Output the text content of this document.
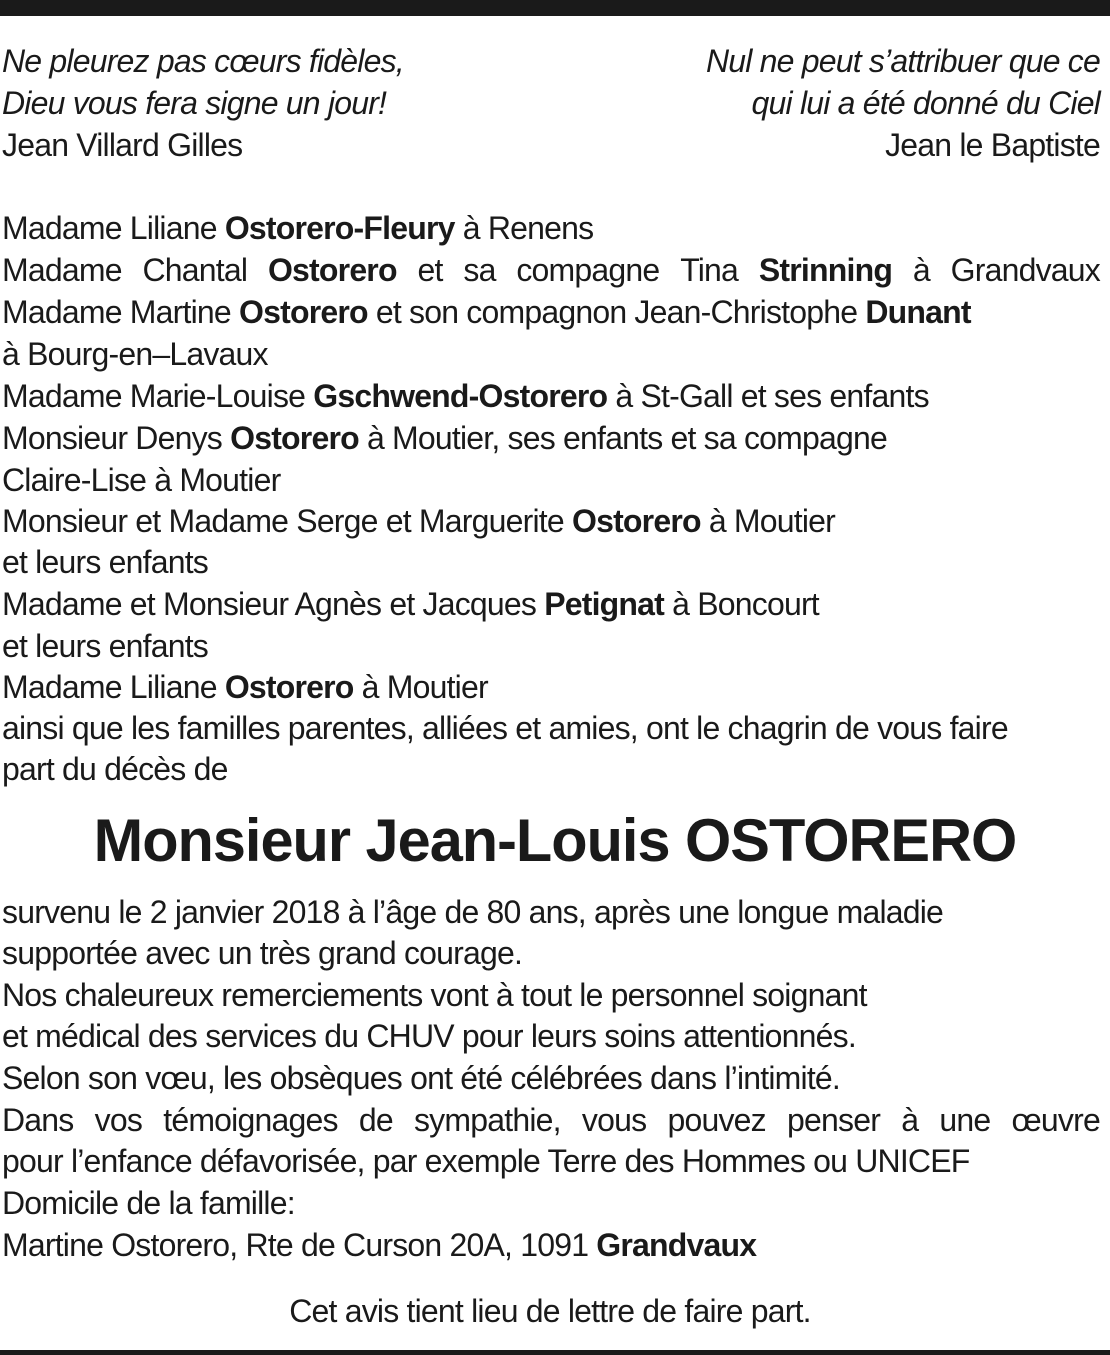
Ne pleurez pas cœurs fidèles,
Dieu vous fera signe un jour!
Jean Villard Gilles
Nul ne peut s’attribuer que ce
qui lui a été donné du Ciel
Jean le Baptiste
Madame Liliane Ostorero-Fleury à Renens
Madame Chantal Ostorero et sa compagne Tina Strinning à Grandvaux
Madame Martine Ostorero et son compagnon Jean-Christophe Dunant
à Bourg-en–Lavaux
Madame Marie-Louise Gschwend-Ostorero à St-Gall et ses enfants
Monsieur Denys Ostorero à Moutier, ses enfants et sa compagne
Claire-Lise à Moutier
Monsieur et Madame Serge et Marguerite Ostorero à Moutier
et leurs enfants
Madame et Monsieur Agnès et Jacques Petignat à Boncourt
et leurs enfants
Madame Liliane Ostorero à Moutier
ainsi que les familles parentes, alliées et amies, ont le chagrin de vous faire
part du décès de
Monsieur Jean-Louis OSTORERO
survenu le 2 janvier 2018 à l’âge de 80 ans, après une longue maladie
supportée avec un très grand courage.
Nos chaleureux remerciements vont à tout le personnel soignant
et médical des services du CHUV pour leurs soins attentionnés.
Selon son vœu, les obsèques ont été célébrées dans l’intimité.
Dans vos témoignages de sympathie, vous pouvez penser à une œuvre
pour l’enfance défavorisée, par exemple Terre des Hommes ou UNICEF
Domicile de la famille:
Martine Ostorero, Rte de Curson 20A, 1091 Grandvaux
Cet avis tient lieu de lettre de faire part.
